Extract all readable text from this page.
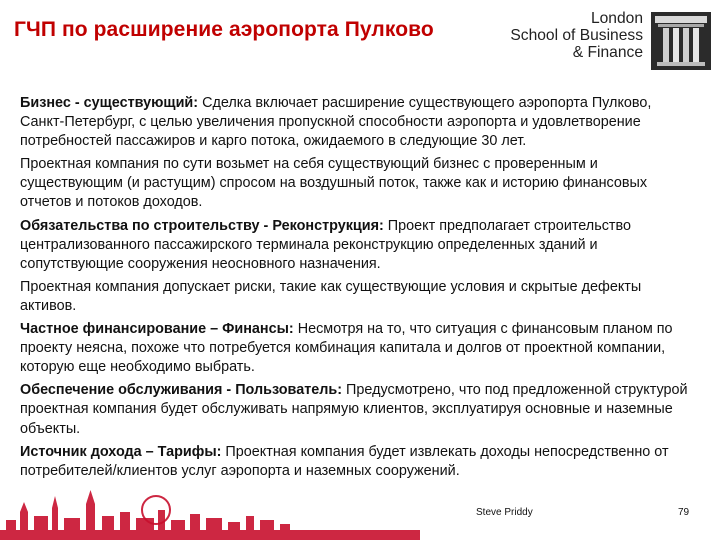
ГЧП по расширение аэропорта Пулково	London
School of Business
& Finance

Бизнес - существующий: Сделка включает расширение существующего аэропорта Пулково, Санкт-Петербург, с целью увеличения пропускной способности аэропорта и удовлетворение потребностей пассажиров и карго потока, ожидаемого в следующие 30 лет.

Проектная компания по сути возьмет на себя существующий бизнес с проверенным и существующим (и растущим) спросом на воздушный поток, также как и историю финансовых отчетов и потоков доходов.

Обязательства по строительству - Реконструкция: Проект предполагает строительство централизованного пассажирского терминала реконструкцию определенных зданий и сопутствующие сооружения неосновного назначения.

Проектная компания допускает риски, такие как существующие условия и скрытые дефекты активов.

Частное финансирование – Финансы: Несмотря на то, что ситуация с финансовым планом по проекту неясна, похоже что потребуется комбинация капитала и долгов от проектной компании, которую еще необходимо выбрать.

Обеспечение обслуживания - Пользователь: Предусмотрено, что под предложенной структурой проектная компания будет обслуживать напрямую клиентов, эксплуатируя основные и наземные объекты.

Источник дохода – Тарифы: Проектная компания будет извлекать доходы непосредственно от потребителей/клиентов услуг аэропорта и наземных сооружений.

Steve Priddy	79
